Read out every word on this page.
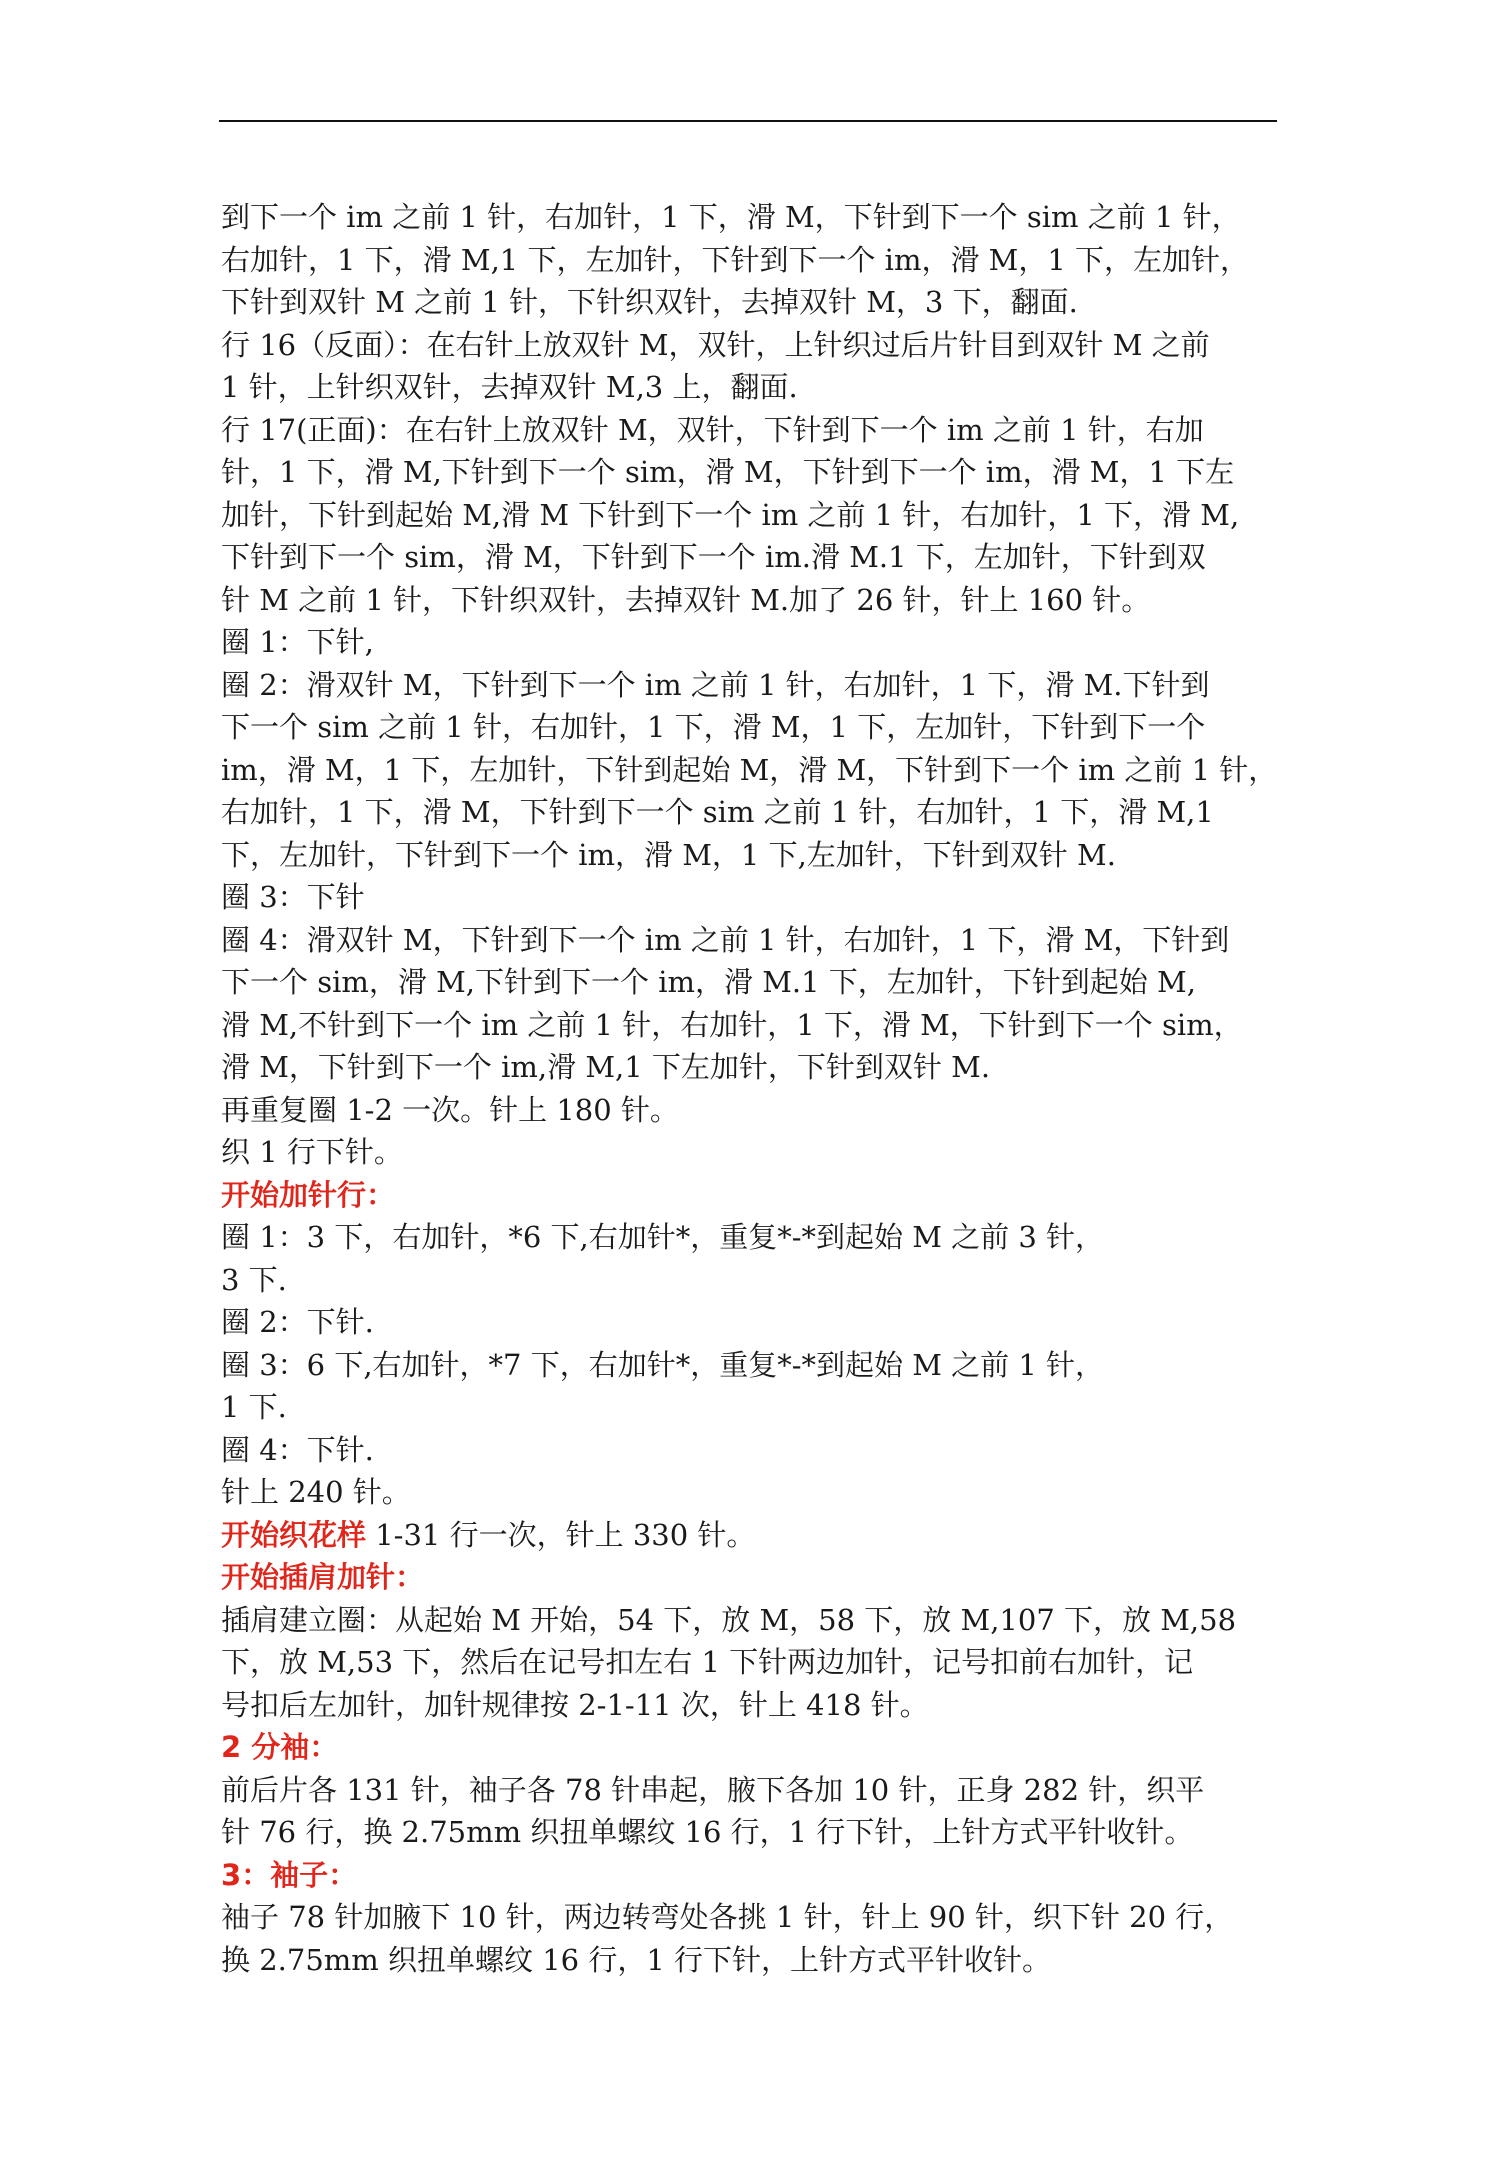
到下一个 im 之前 1 针，右加针，1 下，滑 M，下针到下一个 sim 之前 1 针，
右加针，1 下，滑 M,1 下，左加针，下针到下一个 im，滑 M，1 下，左加针，
下针到双针 M 之前 1 针，下针织双针，去掉双针 M，3 下，翻面.
行 16（反面）：在右针上放双针 M，双针，上针织过后片针目到双针 M 之前
1 针，上针织双针，去掉双针 M,3 上，翻面.
行 17(正面)：在右针上放双针 M，双针，下针到下一个 im 之前 1 针，右加
针，1 下，滑 M,下针到下一个 sim，滑 M，下针到下一个 im，滑 M，1 下左
加针，下针到起始 M,滑 M 下针到下一个 im 之前 1 针，右加针，1 下，滑 M,
下针到下一个 sim，滑 M，下针到下一个 im.滑 M.1 下，左加针，下针到双
针 M 之前 1 针，下针织双针，去掉双针 M.加了 26 针，针上 160 针。
圈 1：下针,
圈 2：滑双针 M，下针到下一个 im 之前 1 针，右加针，1 下，滑 M.下针到
下一个 sim 之前 1 针，右加针，1 下，滑 M，1 下，左加针，下针到下一个
im，滑 M，1 下，左加针，下针到起始 M，滑 M，下针到下一个 im 之前 1 针，
右加针，1 下，滑 M，下针到下一个 sim 之前 1 针，右加针，1 下，滑 M,1
下，左加针，下针到下一个 im，滑 M，1 下,左加针，下针到双针 M.
圈 3：下针
圈 4：滑双针 M，下针到下一个 im 之前 1 针，右加针，1 下，滑 M，下针到
下一个 sim，滑 M,下针到下一个 im，滑 M.1 下，左加针，下针到起始 M,
滑 M,不针到下一个 im 之前 1 针，右加针，1 下，滑 M，下针到下一个 sim，
滑 M，下针到下一个 im,滑 M,1 下左加针，下针到双针 M.
再重复圈 1-2 一次。针上 180 针。
织 1 行下针。
开始加针行：
圈 1：3 下，右加针，*6 下,右加针*，重复*-*到起始 M 之前 3 针，
3 下.
圈 2：下针.
圈 3：6 下,右加针，*7 下，右加针*，重复*-*到起始 M 之前 1 针，
1 下.
圈 4：下针.
针上 240 针。
开始织花样 1-31 行一次，针上 330 针。
开始插肩加针：
插肩建立圈：从起始 M 开始，54 下，放 M，58 下，放 M,107 下，放 M,58
下，放 M,53 下，然后在记号扣左右 1 下针两边加针，记号扣前右加针，记
号扣后左加针，加针规律按 2-1-11 次，针上 418 针。
2 分袖：
前后片各 131 针，袖子各 78 针串起，腋下各加 10 针，正身 282 针，织平
针 76 行，换 2.75mm 织扭单螺纹 16 行，1 行下针，上针方式平针收针。
3：袖子：
袖子 78 针加腋下 10 针，两边转弯处各挑 1 针，针上 90 针，织下针 20 行，
换 2.75mm 织扭单螺纹 16 行，1 行下针，上针方式平针收针。
